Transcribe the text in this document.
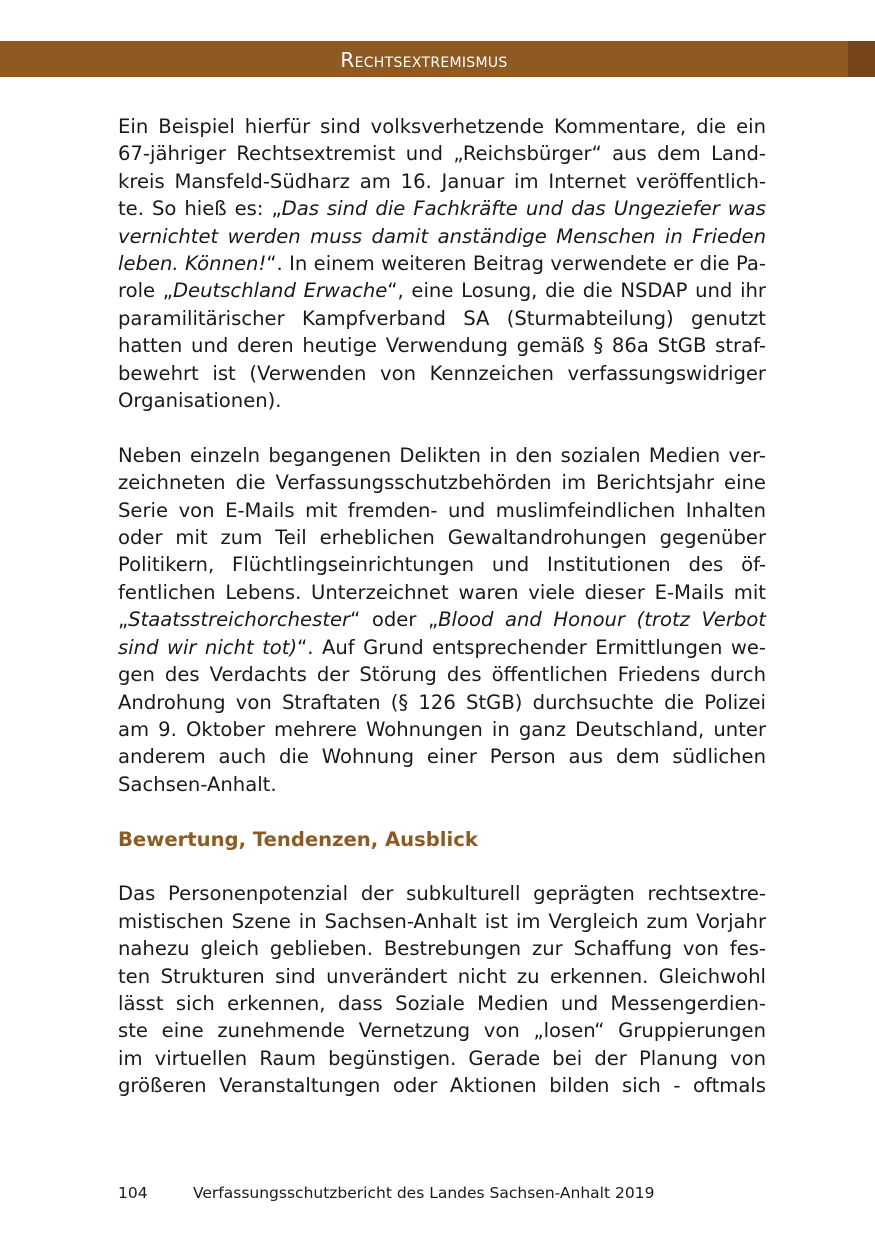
Rechtsextremismus
Ein Beispiel hierfür sind volksverhetzende Kommentare, die ein
67-jähriger Rechtsextremist und „Reichsbürger“ aus dem Land-
kreis Mansfeld-Südharz am 16. Januar im Internet veröffentlich-
te. So hieß es: „Das sind die Fachkräfte und das Ungeziefer was
vernichtet werden muss damit anständige Menschen in Frieden
leben. Können!“. In einem weiteren Beitrag verwendete er die Pa-
role „Deutschland Erwache“, eine Losung, die die NSDAP und ihr
paramilitärischer Kampfverband SA (Sturmabteilung) genutzt
hatten und deren heutige Verwendung gemäß § 86a StGB straf-
bewehrt ist (Verwenden von Kennzeichen verfassungswidriger
Organisationen).
Neben einzeln begangenen Delikten in den sozialen Medien ver-
zeichneten die Verfassungsschutzbehörden im Berichtsjahr eine
Serie von E-Mails mit fremden- und muslimfeindlichen Inhalten
oder mit zum Teil erheblichen Gewaltandrohungen gegenüber
Politikern, Flüchtlingseinrichtungen und Institutionen des öf-
fentlichen Lebens. Unterzeichnet waren viele dieser E-Mails mit
„Staatsstreichorchester“ oder „Blood and Honour (trotz Verbot
sind wir nicht tot)“. Auf Grund entsprechender Ermittlungen we-
gen des Verdachts der Störung des öffentlichen Friedens durch
Androhung von Straftaten (§ 126 StGB) durchsuchte die Polizei
am 9. Oktober mehrere Wohnungen in ganz Deutschland, unter
anderem auch die Wohnung einer Person aus dem südlichen
Sachsen-Anhalt.
Bewertung, Tendenzen, Ausblick
Das Personenpotenzial der subkulturell geprägten rechtsextre-
mistischen Szene in Sachsen-Anhalt ist im Vergleich zum Vorjahr
nahezu gleich geblieben. Bestrebungen zur Schaffung von fes-
ten Strukturen sind unverändert nicht zu erkennen. Gleichwohl
lässt sich erkennen, dass Soziale Medien und Messengerdien-
ste eine zunehmende Vernetzung von „losen“ Gruppierungen
im virtuellen Raum begünstigen. Gerade bei der Planung von
größeren Veranstaltungen oder Aktionen bilden sich - oftmals
104	Verfassungsschutzbericht des Landes Sachsen-Anhalt 2019
